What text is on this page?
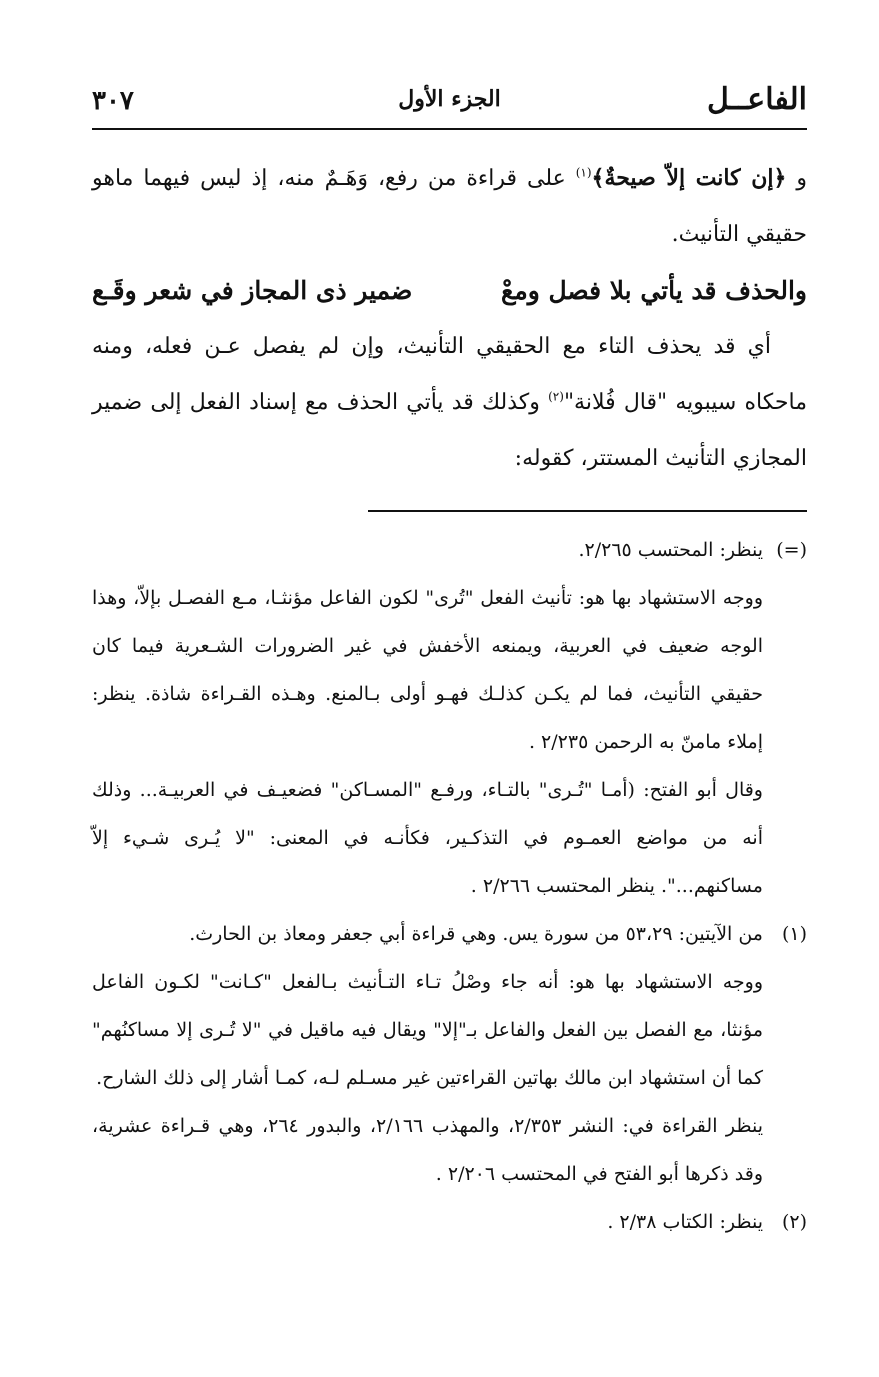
الفاعــل
الجزء الأول
٣٠٧

و ﴿إن كانت إلاّ صيحةٌ﴾$^{(١)}$ على قراءة من رفع، وَهَـمٌ منه، إذ ليس فيهما ماهو حقيقي التأنيث.

والحذف قد يأتي بلا فصل ومعْ
ضمير ذى المجاز في شعر وقَـع

أي قد يحذف التاء مع الحقيقي التأنيث، وإن لم يفصل عـن فعله، ومنه ماحكاه سيبويه "قال فُلانة"$^{(٢)}$ وكذلك قد يأتي الحذف مع إسناد الفعل إلى ضمير المجازي التأنيث المستتر، كقوله:

(=)

ينظر: المحتسب ٢/٢٦٥.

ووجه الاستشهاد بها هو: تأنيث الفعل "تُرى" لكون الفاعل مؤنثـا، مـع الفصـل بإلاّ، وهذا الوجه ضعيف في العربية، ويمنعه الأخفش في غير الضرورات الشـعرية فيما كان حقيقي التأنيث، فما لم يكـن كذلـك فهـو أولى بـالمنع. وهـذه القـراءة شاذة. ينظر: إملاء مامنّ به الرحمن ٢/٢٣٥ .

وقال أبو الفتح: (أمـا "تُـرى" بالتـاء، ورفـع "المسـاكن" فضعيـف في العربيـة... وذلك أنه من مواضع العمـوم في التذكـير، فكأنـه في المعنى: "لا يُـرى شـيء إلاّ مساكنهم...". ينظر المحتسب ٢/٢٦٦ .

(١)

من الآيتين: ٥٣،٢٩ من سورة يس. وهي قراءة أبي جعفر ومعاذ بن الحارث.

ووجه الاستشهاد بها هو: أنه جاء وصْلُ تـاء التـأنيث بـالفعل "كـانت" لكـون الفاعل مؤنثا، مع الفصل بين الفعل والفاعل بـ"إلا" ويقال فيه ماقيل في "لا تُـرى إلا مساكنُهم" كما أن استشهاد ابن مالك بهاتين القراءتين غير مسـلم لـه، كمـا أشار إلى ذلك الشارح.

ينظر القراءة في: النشر ٢/٣٥٣، والمهذب ٢/١٦٦، والبدور ٢٦٤، وهي قـراءة عشرية، وقد ذكرها أبو الفتح في المحتسب ٢/٢٠٦ .

(٢)

ينظر: الكتاب ٢/٣٨ .
